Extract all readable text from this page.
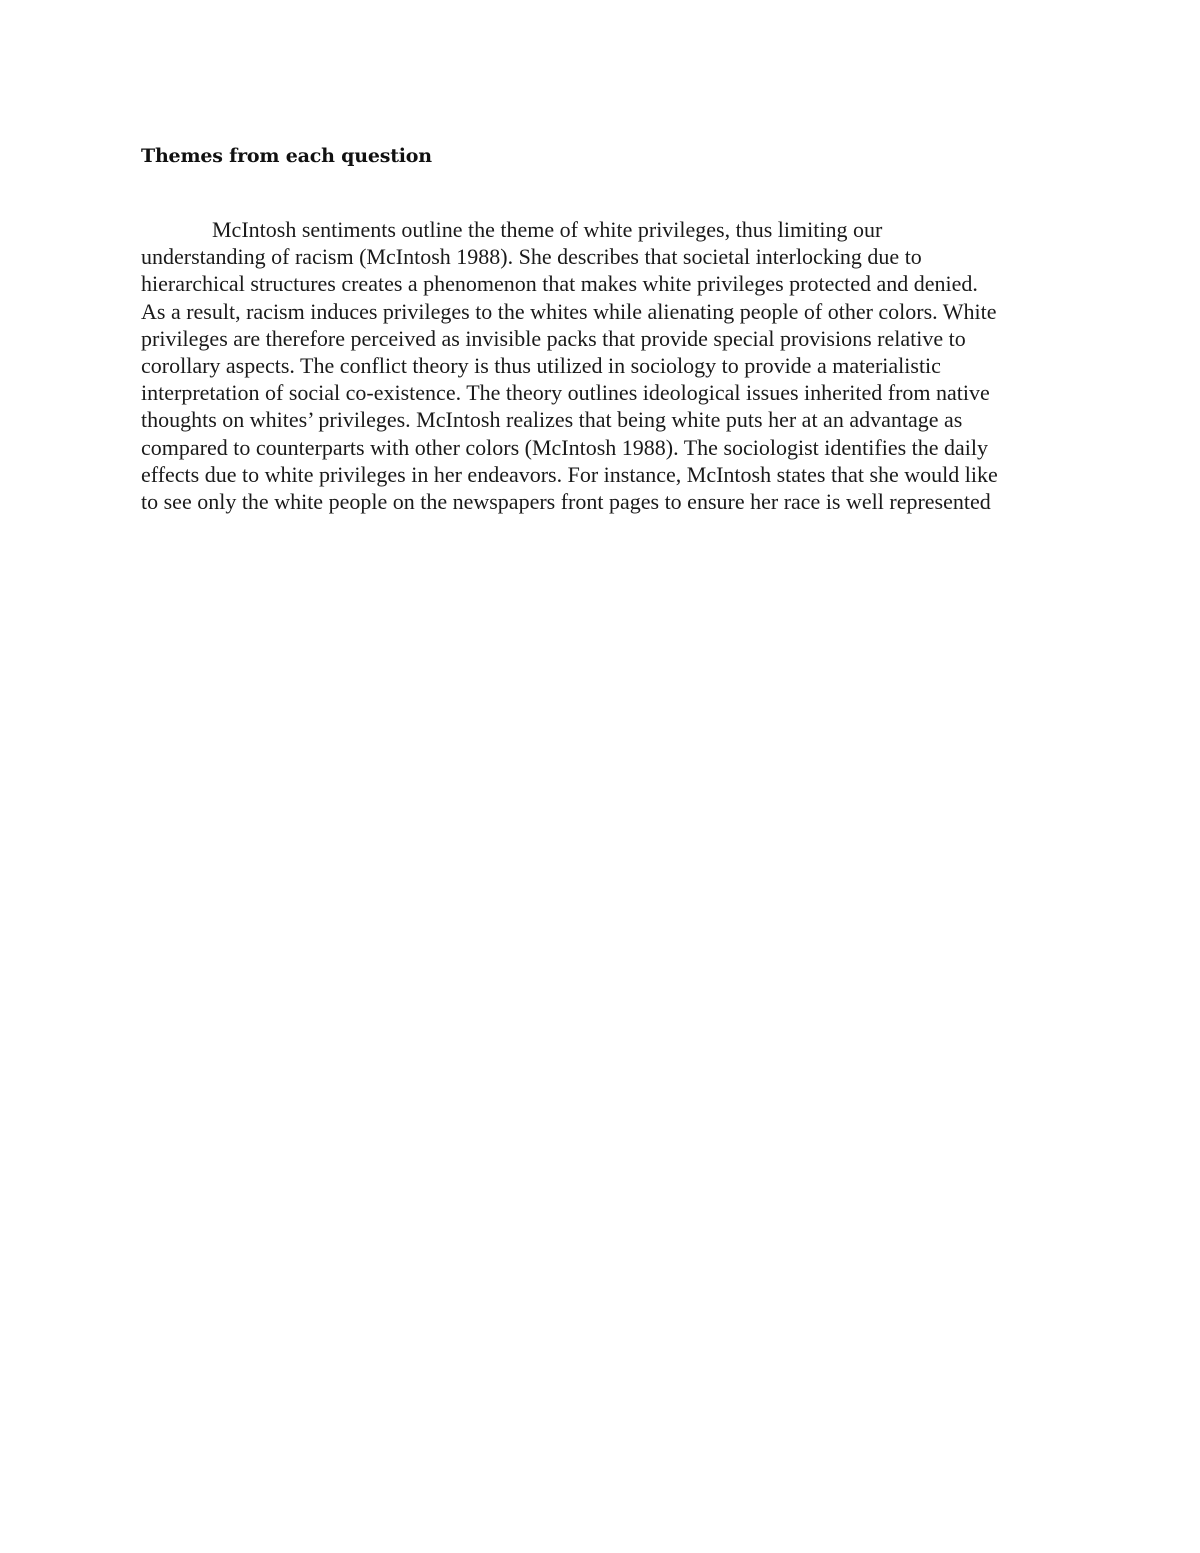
Themes from each question
McIntosh sentiments outline the theme of white privileges, thus limiting our
understanding of racism (McIntosh 1988). She describes that societal interlocking due to
hierarchical structures creates a phenomenon that makes white privileges protected and denied.
As a result, racism induces privileges to the whites while alienating people of other colors. White
privileges are therefore perceived as invisible packs that provide special provisions relative to
corollary aspects. The conflict theory is thus utilized in sociology to provide a materialistic
interpretation of social co-existence. The theory outlines ideological issues inherited from native
thoughts on whites’ privileges. McIntosh realizes that being white puts her at an advantage as
compared to counterparts with other colors (McIntosh 1988). The sociologist identifies the daily
effects due to white privileges in her endeavors. For instance, McIntosh states that she would like
to see only the white people on the newspapers front pages to ensure her race is well represented
